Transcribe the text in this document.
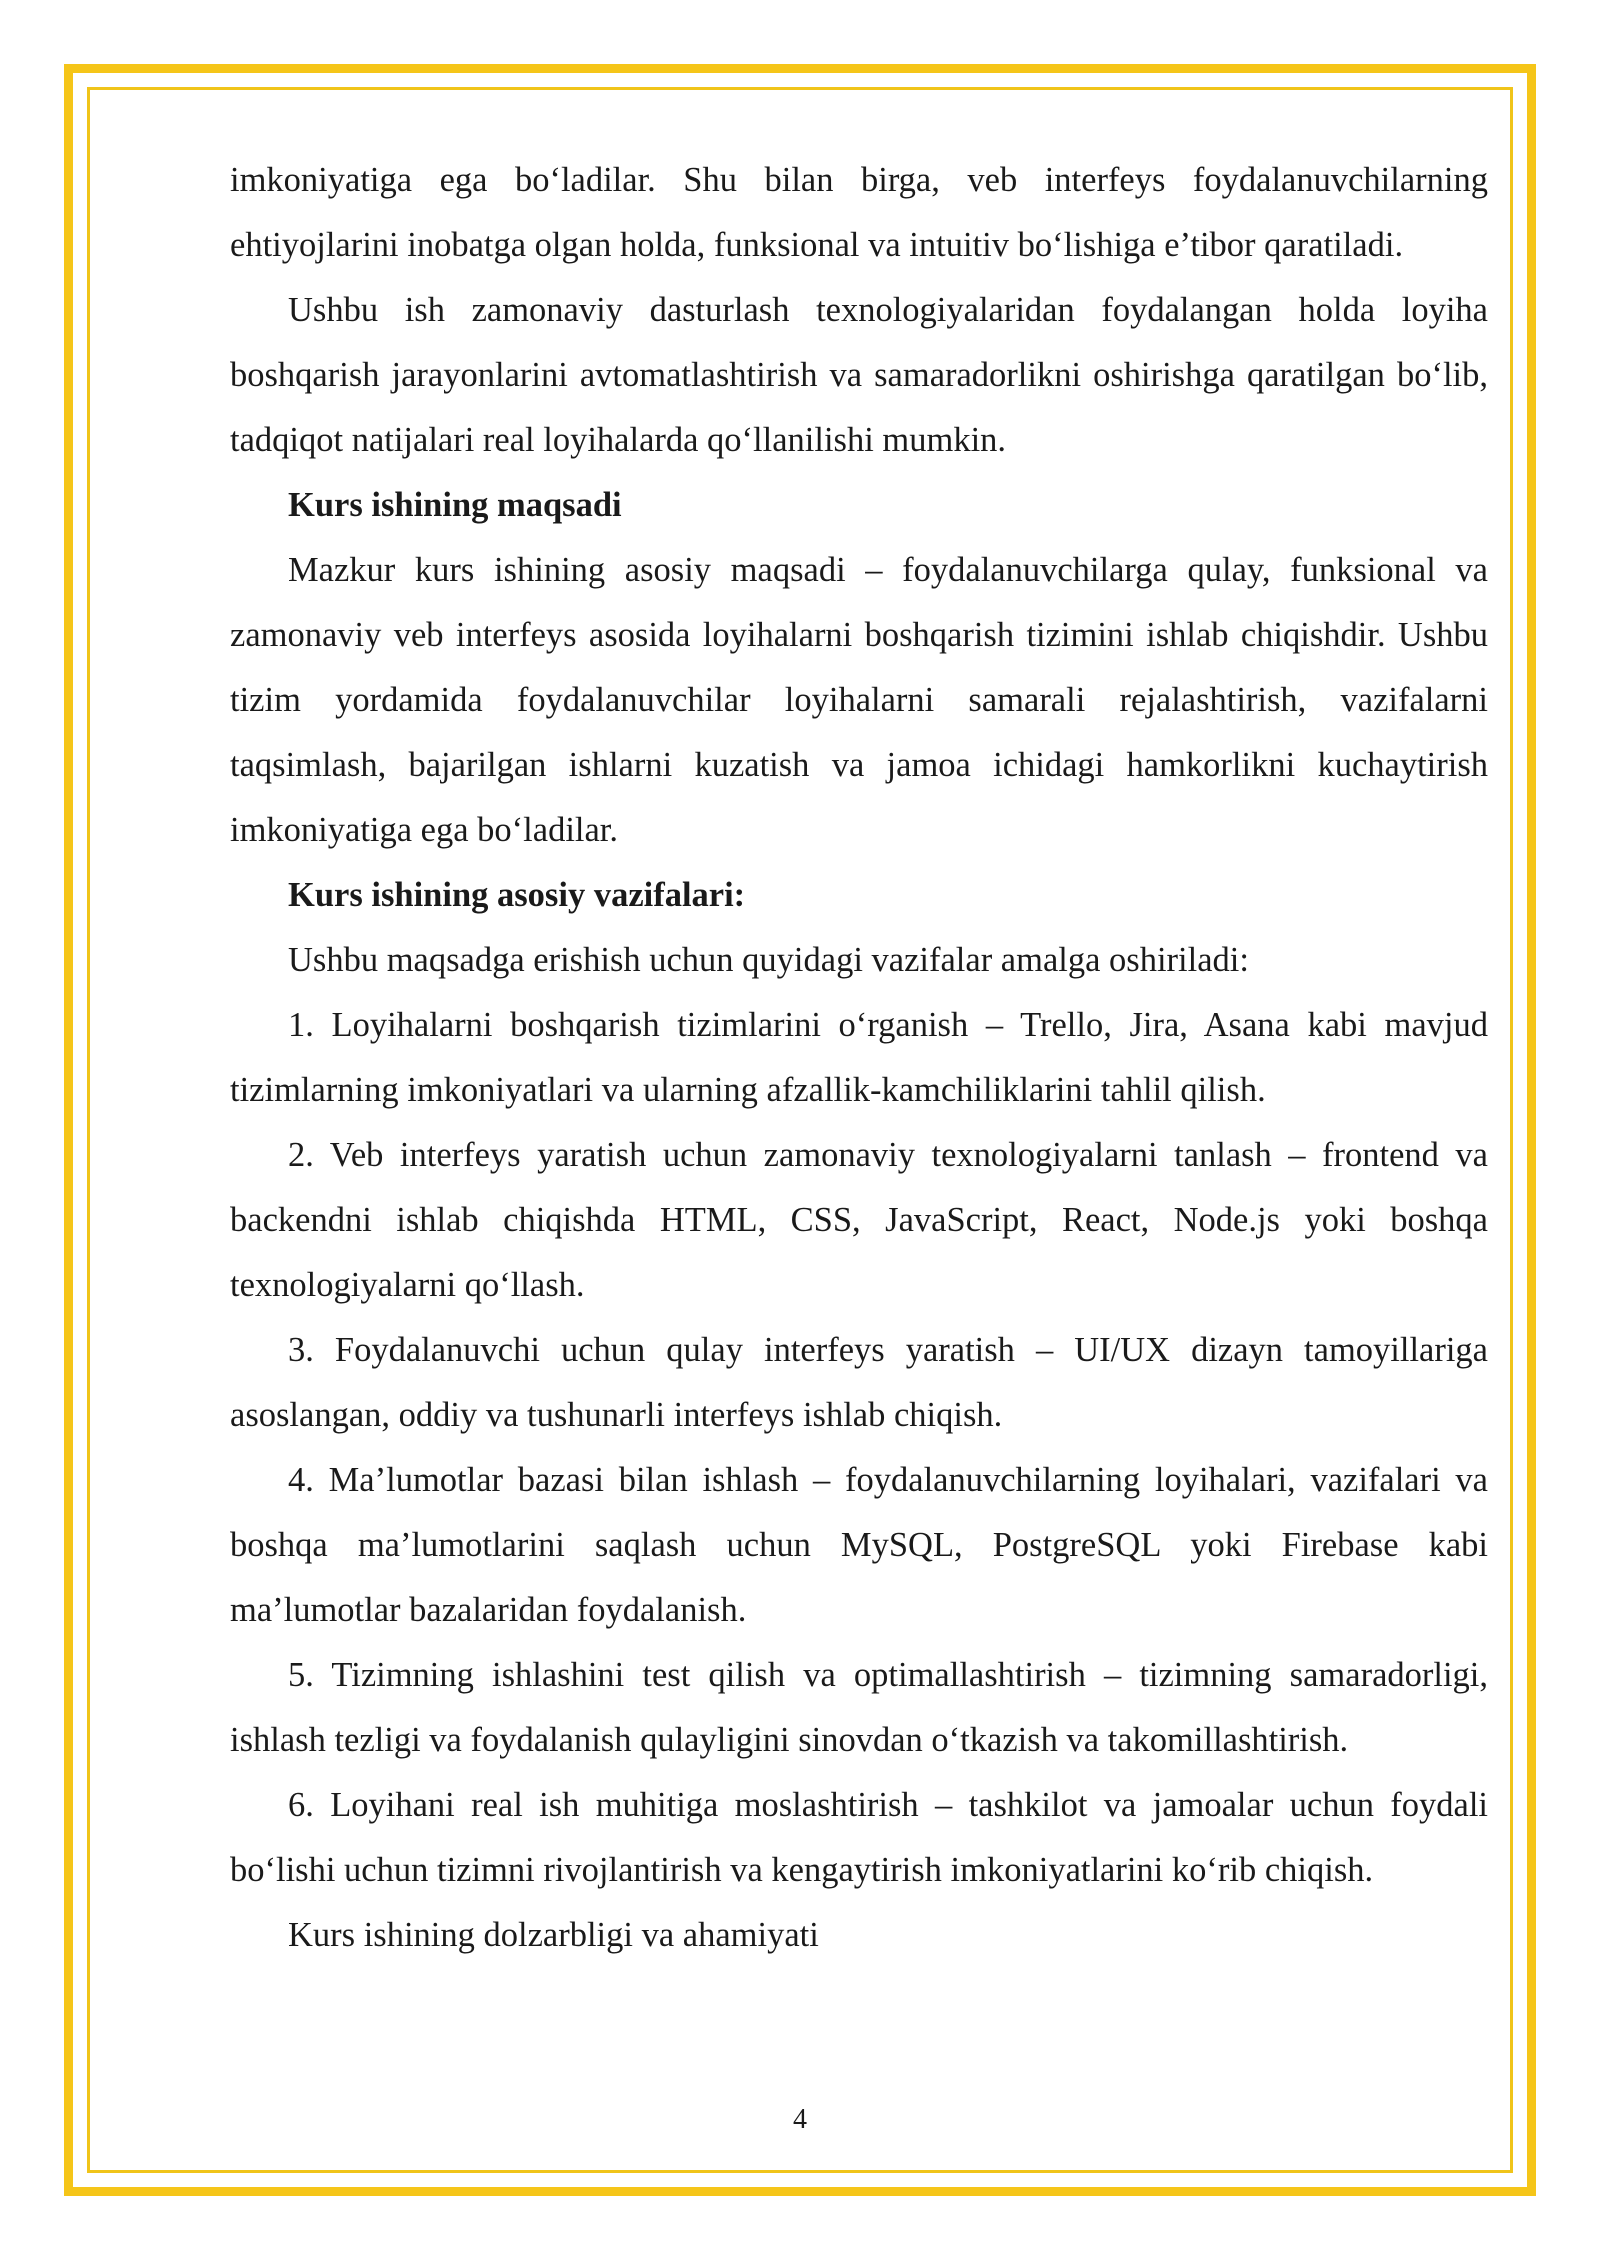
imkoniyatiga ega bo‘ladilar. Shu bilan birga, veb interfeys foydalanuvchilarning ehtiyojlarini inobatga olgan holda, funksional va intuitiv bo‘lishiga e’tibor qaratiladi.

Ushbu ish zamonaviy dasturlash texnologiyalaridan foydalangan holda loyiha boshqarish jarayonlarini avtomatlashtirish va samaradorlikni oshirishga qaratilgan bo‘lib, tadqiqot natijalari real loyihalarda qo‘llanilishi mumkin.

Kurs ishining maqsadi

Mazkur kurs ishining asosiy maqsadi – foydalanuvchilarga qulay, funksional va zamonaviy veb interfeys asosida loyihalarni boshqarish tizimini ishlab chiqishdir. Ushbu tizim yordamida foydalanuvchilar loyihalarni samarali rejalashtirish, vazifalarni taqsimlash, bajarilgan ishlarni kuzatish va jamoa ichidagi hamkorlikni kuchaytirish imkoniyatiga ega bo‘ladilar.

Kurs ishining asosiy vazifalari:

Ushbu maqsadga erishish uchun quyidagi vazifalar amalga oshiriladi:

1. Loyihalarni boshqarish tizimlarini o‘rganish – Trello, Jira, Asana kabi mavjud tizimlarning imkoniyatlari va ularning afzallik-kamchiliklarini tahlil qilish.

2. Veb interfeys yaratish uchun zamonaviy texnologiyalarni tanlash – frontend va backendni ishlab chiqishda HTML, CSS, JavaScript, React, Node.js yoki boshqa texnologiyalarni qo‘llash.

3. Foydalanuvchi uchun qulay interfeys yaratish – UI/UX dizayn tamoyillariga asoslangan, oddiy va tushunarli interfeys ishlab chiqish.

4. Ma’lumotlar bazasi bilan ishlash – foydalanuvchilarning loyihalari, vazifalari va boshqa ma’lumotlarini saqlash uchun MySQL, PostgreSQL yoki Firebase kabi ma’lumotlar bazalaridan foydalanish.

5. Tizimning ishlashini test qilish va optimallashtirish – tizimning samaradorligi, ishlash tezligi va foydalanish qulayligini sinovdan o‘tkazish va takomillashtirish.

6. Loyihani real ish muhitiga moslashtirish – tashkilot va jamoalar uchun foydali bo‘lishi uchun tizimni rivojlantirish va kengaytirish imkoniyatlarini ko‘rib chiqish.

Kurs ishining dolzarbligi va ahamiyati

4
